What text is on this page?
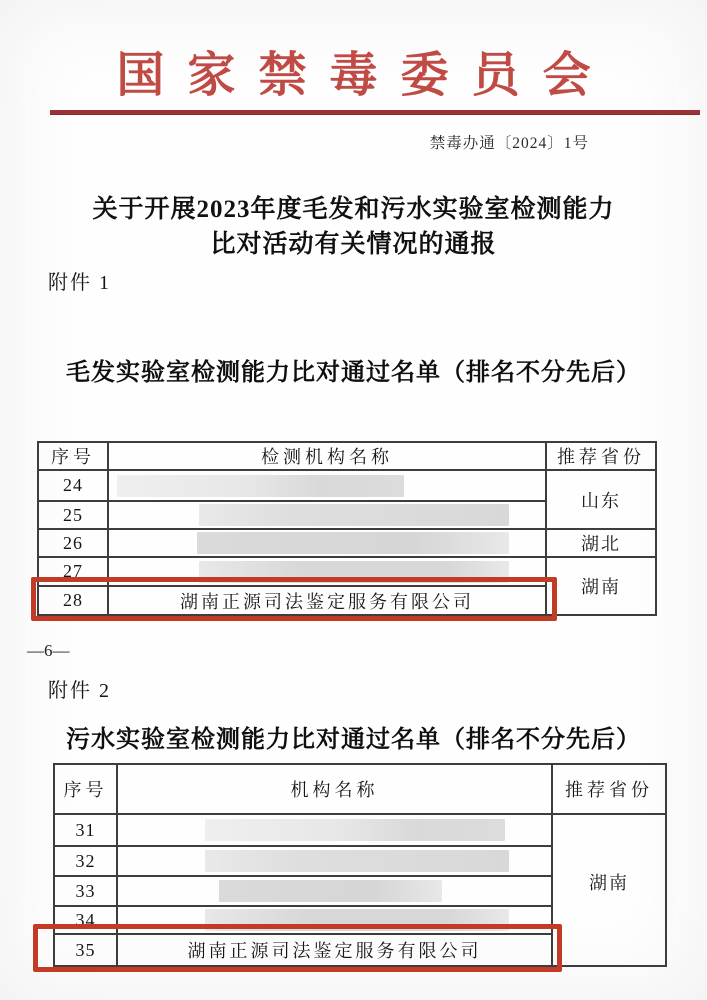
国家禁毒委员会
禁毒办通〔2024〕1号
关于开展2023年度毛发和污水实验室检测能力
比对活动有关情况的通报
附件 1
毛发实验室检测能力比对通过名单（排名不分先后）
序号	检测机构名称	推荐省份
24		山东
25		

26		湖北
27		湖南
28	湖南正源司法鉴定服务有限公司	
—6—
附件 2
污水实验室检测能力比对通过名单（排名不分先后）
序号	机构名称	推荐省份
31		湖南
32		

33		

34		

35	湖南正源司法鉴定服务有限公司	
